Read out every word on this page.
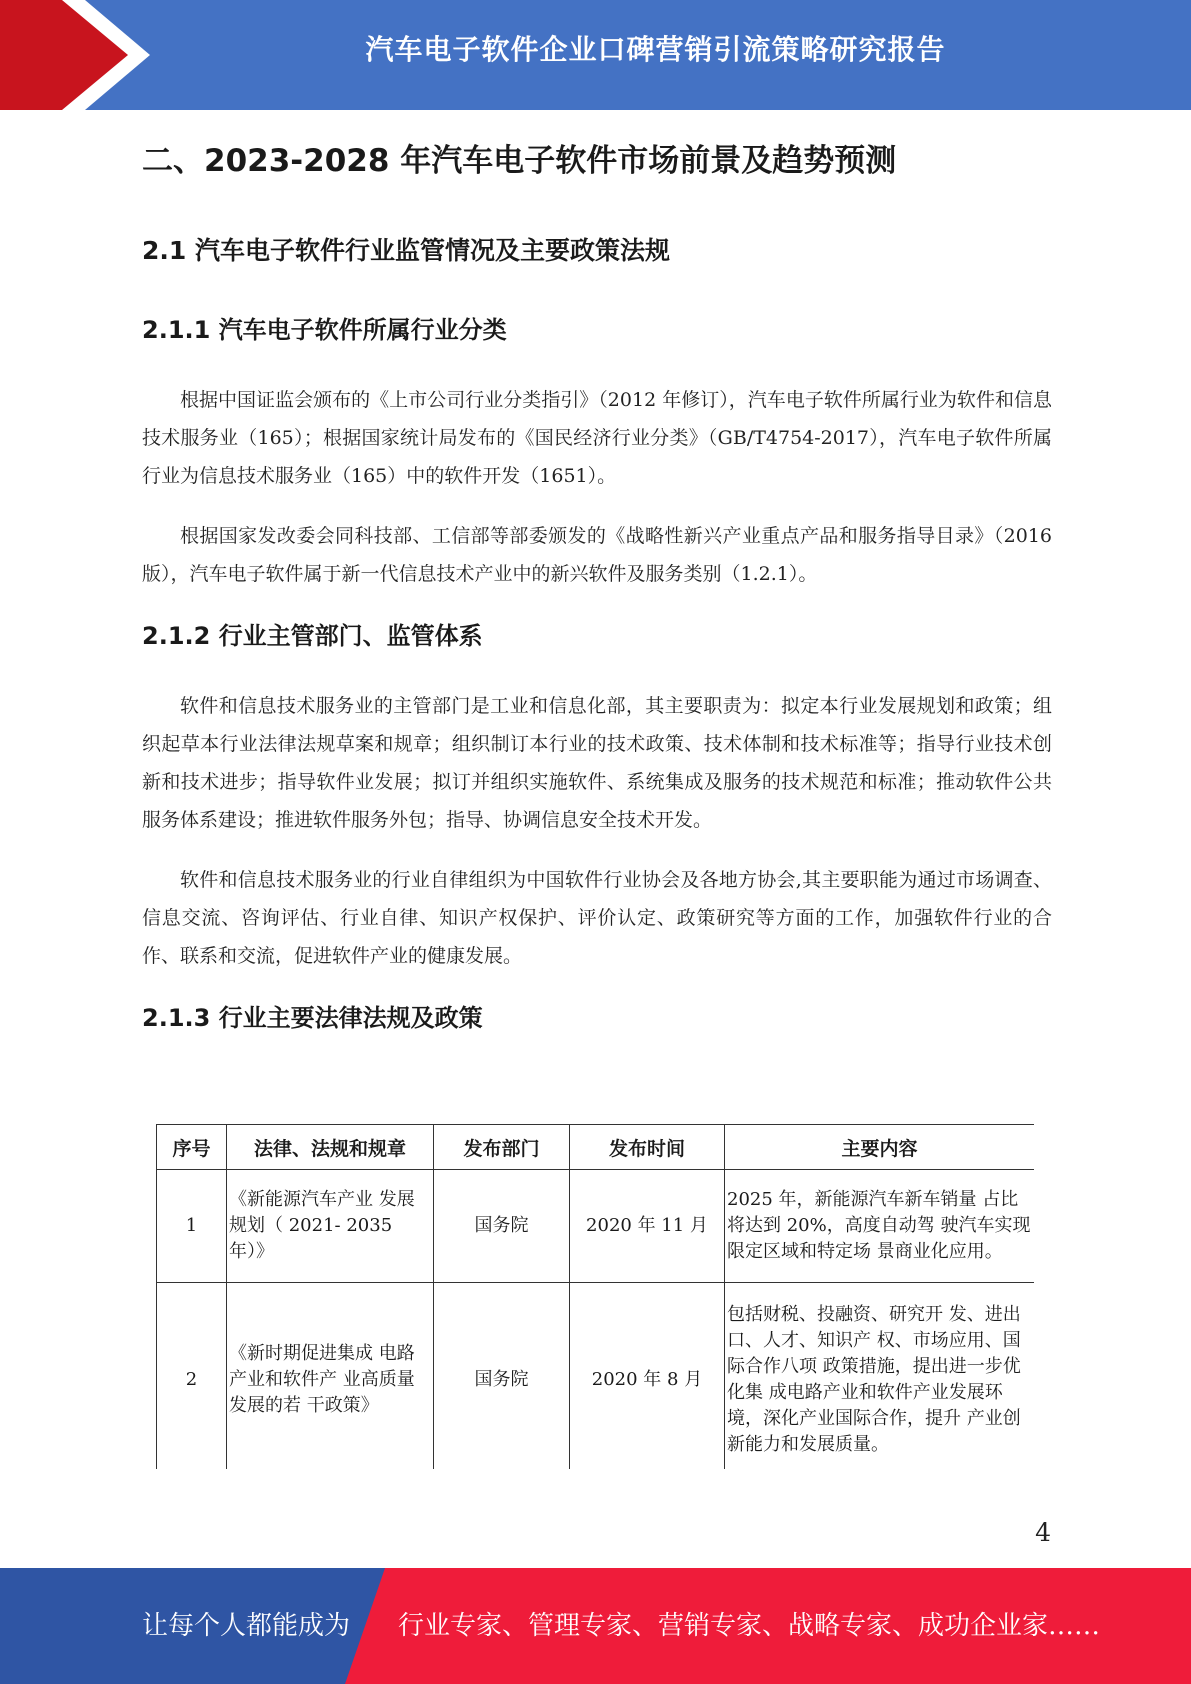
汽车电子软件企业口碑营销引流策略研究报告
二、2023-2028 年汽车电子软件市场前景及趋势预测
2.1 汽车电子软件行业监管情况及主要政策法规
2.1.1 汽车电子软件所属行业分类

根据中国证监会颁布的《上市公司行业分类指引》（2012 年修订），汽车电子软件所属行业为软件和信息技术服务业（165）；根据国家统计局发布的《国民经济行业分类》（GB/T4754-2017），汽车电子软件所属行业为信息技术服务业（165）中的软件开发（1651）。

根据国家发改委会同科技部、工信部等部委颁发的《战略性新兴产业重点产品和服务指导目录》（2016 版），汽车电子软件属于新一代信息技术产业中的新兴软件及服务类别（1.2.1）。

2.1.2 行业主管部门、监管体系

软件和信息技术服务业的主管部门是工业和信息化部，其主要职责为：拟定本行业发展规划和政策；组织起草本行业法律法规草案和规章；组织制订本行业的技术政策、技术体制和技术标准等；指导行业技术创新和技术进步；指导软件业发展；拟订并组织实施软件、系统集成及服务的技术规范和标准；推动软件公共服务体系建设；推进软件服务外包；指导、协调信息安全技术开发。

软件和信息技术服务业的行业自律组织为中国软件行业协会及各地方协会,其主要职能为通过市场调查、信息交流、咨询评估、行业自律、知识产权保护、评价认定、政策研究等方面的工作，加强软件行业的合作、联系和交流，促进软件产业的健康发展。

2.1.3 行业主要法律法规及政策
序号	法律、法规和规章	发布部门	发布时间	主要内容
1	《新能源汽车产业 发展规划（ 2021- 2035 年）》	国务院	2020 年 11 月	2025 年，新能源汽车新车销量 占比将达到 20%，高度自动驾 驶汽车实现限定区域和特定场 景商业化应用。
2	《新时期促进集成 电路产业和软件产 业高质量发展的若 干政策》	国务院	2020 年 8 月	包括财税、投融资、研究开 发、进出口、人才、知识产 权、市场应用、国际合作八项 政策措施，提出进一步优化集 成电路产业和软件产业发展环 境，深化产业国际合作，提升 产业创新能力和发展质量。
4
让每个人都能成为 行业专家、管理专家、营销专家、战略专家、成功企业家……
